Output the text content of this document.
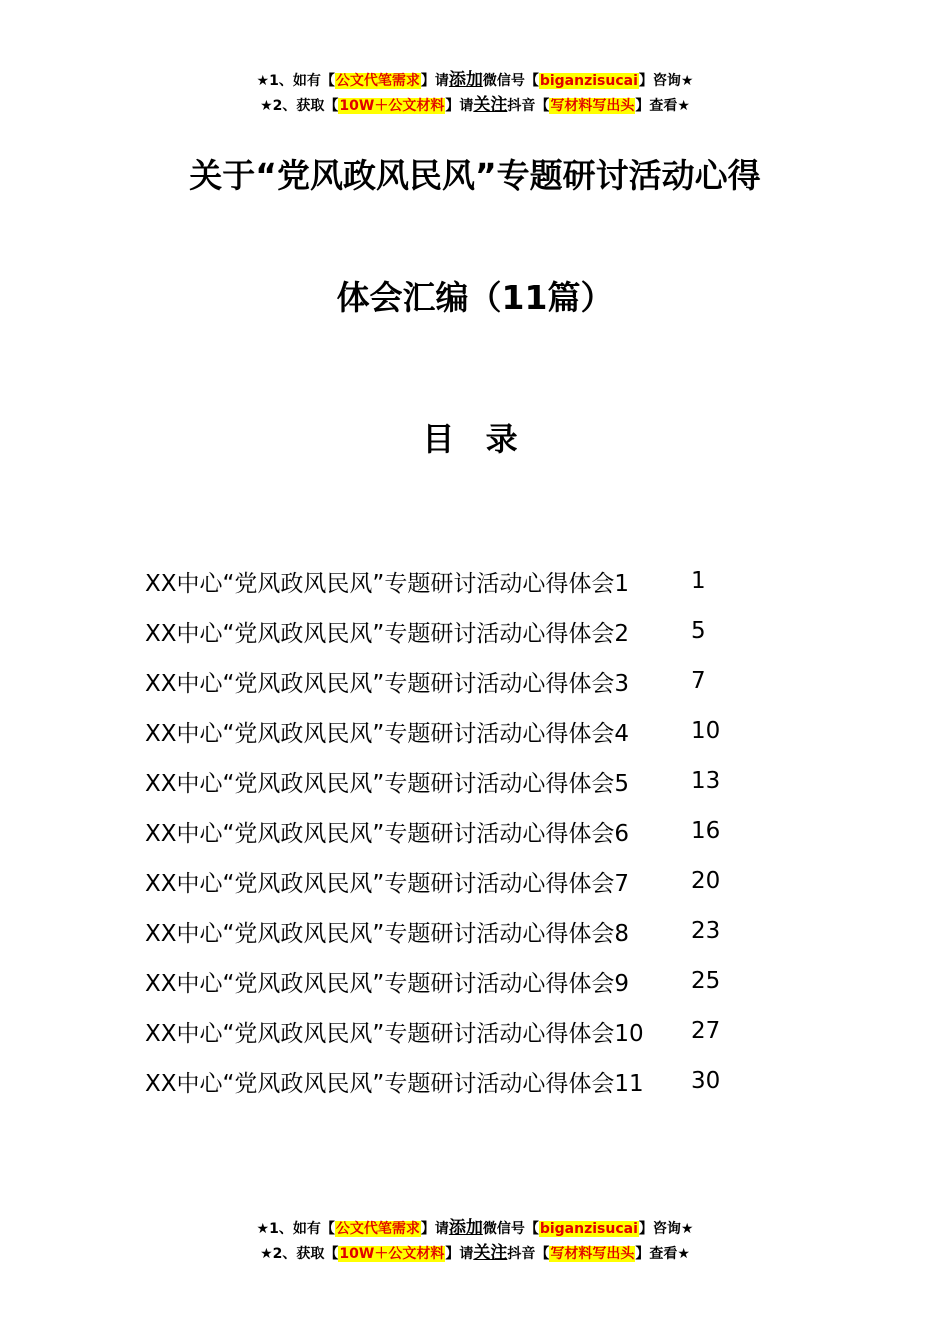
★1、如有【公文代笔需求】请添加微信号【biganzisucai】咨询★
★2、获取【10W＋公文材料】请关注抖音【写材料写出头】查看★
关于“党风政风民风”专题研讨活动心得
体会汇编（11篇）
目 录
XX中心“党风政风民风”专题研讨活动心得体会1	1
XX中心“党风政风民风”专题研讨活动心得体会2	5
XX中心“党风政风民风”专题研讨活动心得体会3	7
XX中心“党风政风民风”专题研讨活动心得体会4	10
XX中心“党风政风民风”专题研讨活动心得体会5	13
XX中心“党风政风民风”专题研讨活动心得体会6	16
XX中心“党风政风民风”专题研讨活动心得体会7	20
XX中心“党风政风民风”专题研讨活动心得体会8	23
XX中心“党风政风民风”专题研讨活动心得体会9	25
XX中心“党风政风民风”专题研讨活动心得体会10	27
XX中心“党风政风民风”专题研讨活动心得体会11	30
★1、如有【公文代笔需求】请添加微信号【biganzisucai】咨询★
★2、获取【10W＋公文材料】请关注抖音【写材料写出头】查看★
